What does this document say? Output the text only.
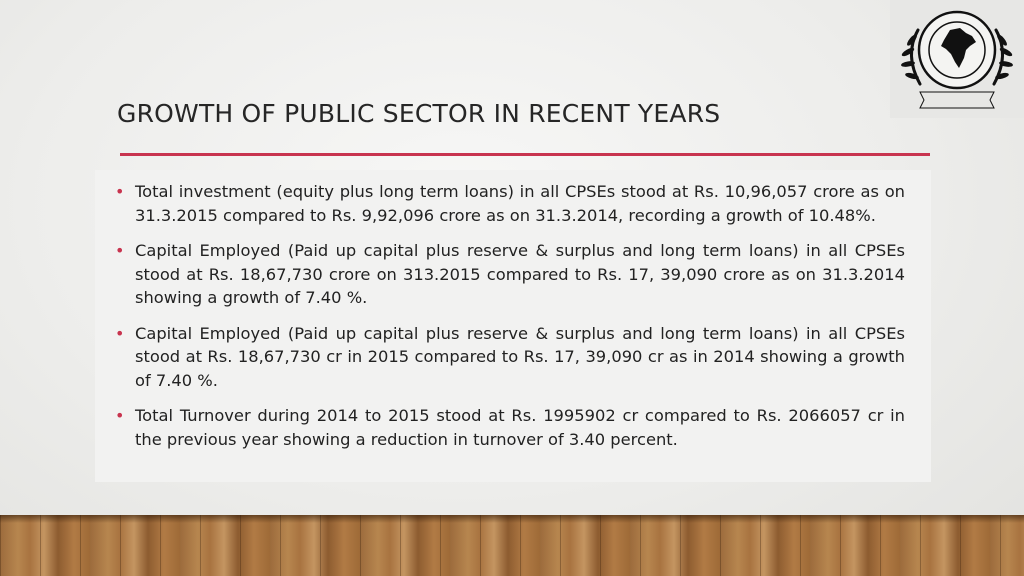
GROWTH OF PUBLIC SECTOR IN RECENT YEARS
• Total investment (equity plus long term loans) in all CPSEs stood at Rs. 10,96,057 crore as on 31.3.2015 compared to Rs. 9,92,096 crore as on 31.3.2014, recording a growth of 10.48%.
• Capital Employed (Paid up capital plus reserve & surplus and long term loans) in all CPSEs stood at Rs. 18,67,730 crore on 313.2015 compared to Rs. 17, 39,090 crore as on 31.3.2014 showing a growth of 7.40 %.
• Capital Employed (Paid up capital plus reserve & surplus and long term loans) in all CPSEs stood at Rs. 18,67,730 cr in 2015 compared to Rs. 17, 39,090 cr as in 2014 showing a growth of 7.40 %.
• Total Turnover during 2014 to 2015 stood at Rs. 1995902 cr compared to Rs. 2066057 cr in the previous year showing a reduction in turnover of 3.40 percent.
